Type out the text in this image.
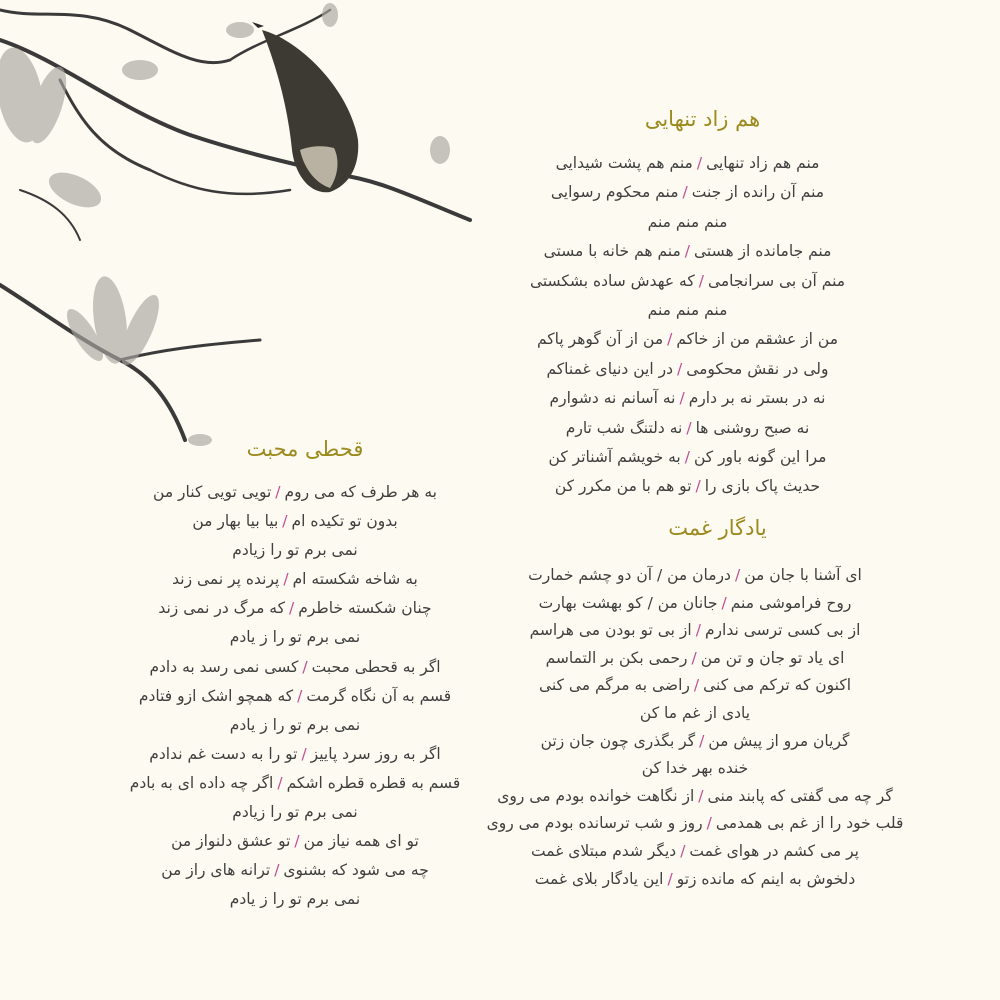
هم زاد تنهایی
منم هم زاد تنهایی/منم هم پشت شیدایی
منم آن رانده از جنت/منم محکوم رسوایی
منم منم منم
منم جامانده از هستی/منم هم خانه با مستی
منم آن بی سرانجامی/که عهدش ساده بشکستی
منم منم منم
من از عشقم من از خاکم/من از آن گوهر پاکم
ولی در نقش محکومی/در این دنیای غمناکم
نه در بستر نه بر دارم/نه آسانم نه دشوارم
نه صبح روشنی ها/نه دلتنگ شب تارم
مرا این گونه باور کن/به خویشم آشناتر کن
حدیث پاک بازی را/تو هم با من مکرر کن
قحطی محبت
به هر طرف که می روم/تویی تویی کنار من
بدون تو تکیده ام/بیا بیا بهار من
نمی برم تو را زیادم
به شاخه شکسته ام/پرنده پر نمی زند
چنان شکسته خاطرم/که مرگ در نمی زند
نمی برم تو را ز یادم
اگر به قحطی محبت/کسی نمی رسد به دادم
قسم به آن نگاه گرمت/که همچو اشک ازو فتادم
نمی برم تو را ز یادم
اگر به روز سرد پاییز/تو را به دست غم ندادم
قسم به قطره قطره اشکم/اگر چه داده ای به بادم
نمی برم تو را زیادم
تو ای همه نیاز من/تو عشق دلنواز من
چه می شود که بشنوی/ترانه های راز من
نمی برم تو را ز یادم
یادگار غمت
ای آشنا با جان من/درمان من / آن دو چشم خمارت
روح فراموشی منم/جانان من / کو بهشت بهارت
از بی کسی ترسی ندارم/از بی تو بودن می هراسم
ای یاد تو جان و تن من/رحمی بکن بر التماسم
اکنون که ترکم می کنی/راضی به مرگم می کنی
یادی از غم ما کن
گریان مرو از پیش من/گر بگذری چون جان زتن
خنده بهر خدا کن
گر چه می گفتی که پابند منی/از نگاهت خوانده بودم می روی
قلب خود را از غم بی همدمی/روز و شب ترسانده بودم می روی
پر می کشم در هوای غمت/دیگر شدم مبتلای غمت
دلخوش به اینم که مانده زتو/این یادگار بلای غمت
